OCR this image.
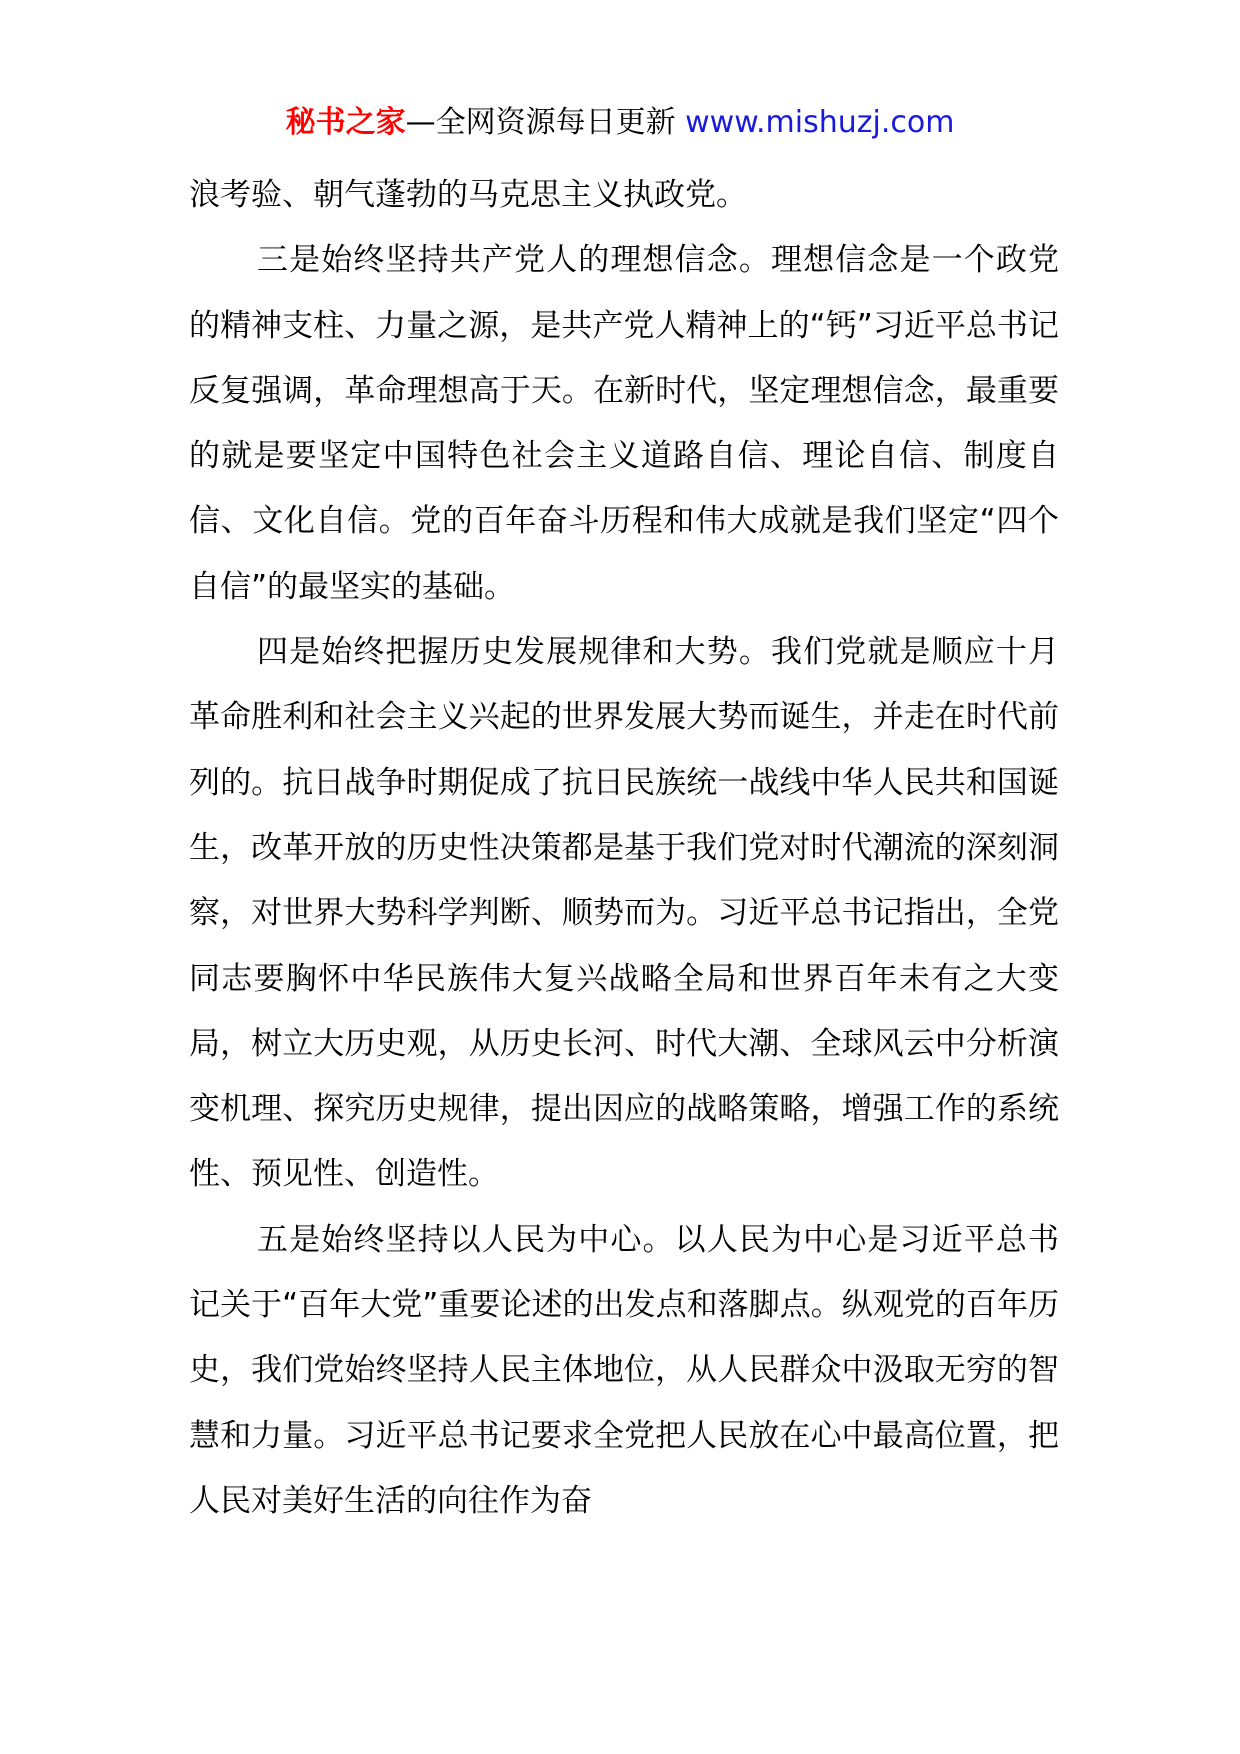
秘书之家—全网资源每日更新 www.mishuzj.com

浪考验、朝气蓬勃的马克思主义执政党。

三是始终坚持共产党人的理想信念。理想信念是一个政党的精神支柱、力量之源，是共产党人精神上的“钙”习近平总书记反复强调，革命理想高于天。在新时代，坚定理想信念，最重要的就是要坚定中国特色社会主义道路自信、理论自信、制度自信、文化自信。党的百年奋斗历程和伟大成就是我们坚定“四个自信”的最坚实的基础。

四是始终把握历史发展规律和大势。我们党就是顺应十月革命胜利和社会主义兴起的世界发展大势而诞生，并走在时代前列的。抗日战争时期促成了抗日民族统一战线中华人民共和国诞生，改革开放的历史性决策都是基于我们党对时代潮流的深刻洞察，对世界大势科学判断、顺势而为。习近平总书记指出，全党同志要胸怀中华民族伟大复兴战略全局和世界百年未有之大变局，树立大历史观，从历史长河、时代大潮、全球风云中分析演变机理、探究历史规律，提出因应的战略策略，增强工作的系统性、预见性、创造性。

五是始终坚持以人民为中心。以人民为中心是习近平总书记关于“百年大党”重要论述的出发点和落脚点。纵观党的百年历史，我们党始终坚持人民主体地位，从人民群众中汲取无穷的智慧和力量。习近平总书记要求全党把人民放在心中最高位置，把人民对美好生活的向往作为奋
